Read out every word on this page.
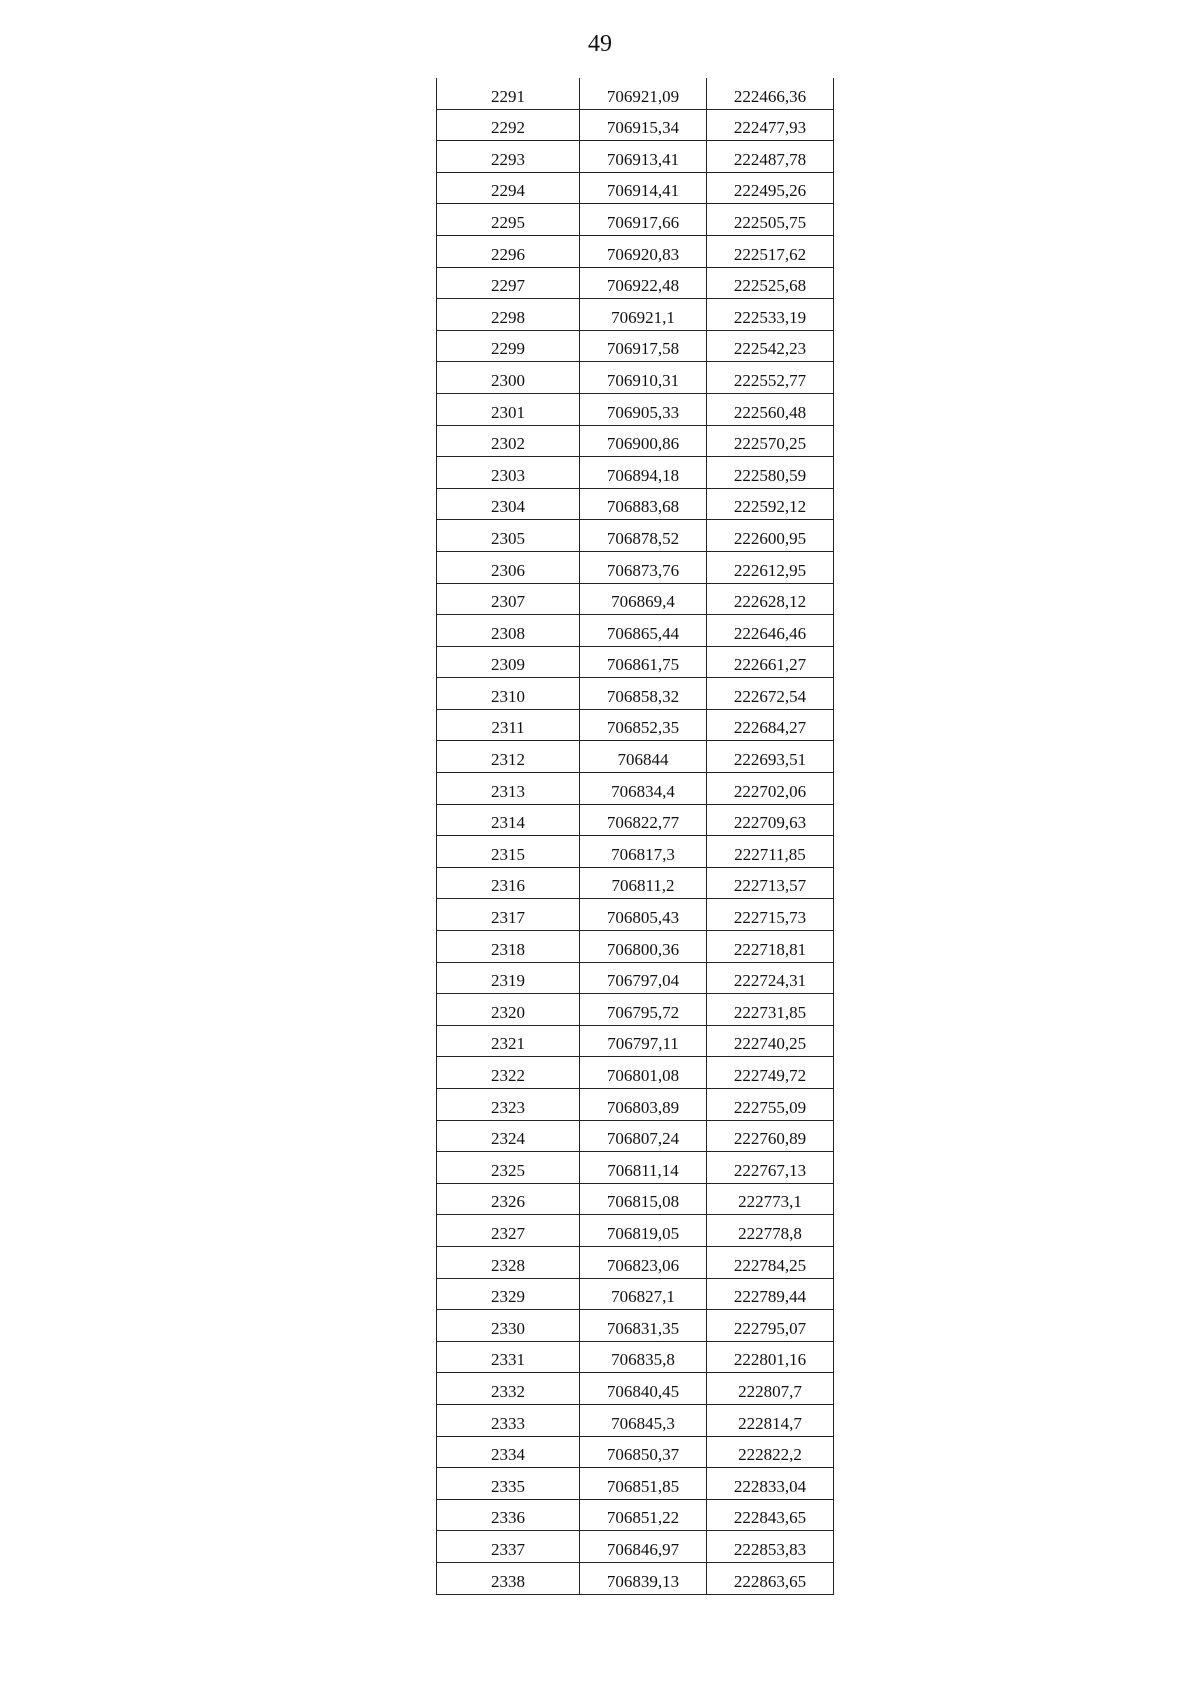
49
2291	706921,09	222466,36
2292	706915,34	222477,93
2293	706913,41	222487,78
2294	706914,41	222495,26
2295	706917,66	222505,75
2296	706920,83	222517,62
2297	706922,48	222525,68
2298	706921,1	222533,19
2299	706917,58	222542,23
2300	706910,31	222552,77
2301	706905,33	222560,48
2302	706900,86	222570,25
2303	706894,18	222580,59
2304	706883,68	222592,12
2305	706878,52	222600,95
2306	706873,76	222612,95
2307	706869,4	222628,12
2308	706865,44	222646,46
2309	706861,75	222661,27
2310	706858,32	222672,54
2311	706852,35	222684,27
2312	706844	222693,51
2313	706834,4	222702,06
2314	706822,77	222709,63
2315	706817,3	222711,85
2316	706811,2	222713,57
2317	706805,43	222715,73
2318	706800,36	222718,81
2319	706797,04	222724,31
2320	706795,72	222731,85
2321	706797,11	222740,25
2322	706801,08	222749,72
2323	706803,89	222755,09
2324	706807,24	222760,89
2325	706811,14	222767,13
2326	706815,08	222773,1
2327	706819,05	222778,8
2328	706823,06	222784,25
2329	706827,1	222789,44
2330	706831,35	222795,07
2331	706835,8	222801,16
2332	706840,45	222807,7
2333	706845,3	222814,7
2334	706850,37	222822,2
2335	706851,85	222833,04
2336	706851,22	222843,65
2337	706846,97	222853,83
2338	706839,13	222863,65
